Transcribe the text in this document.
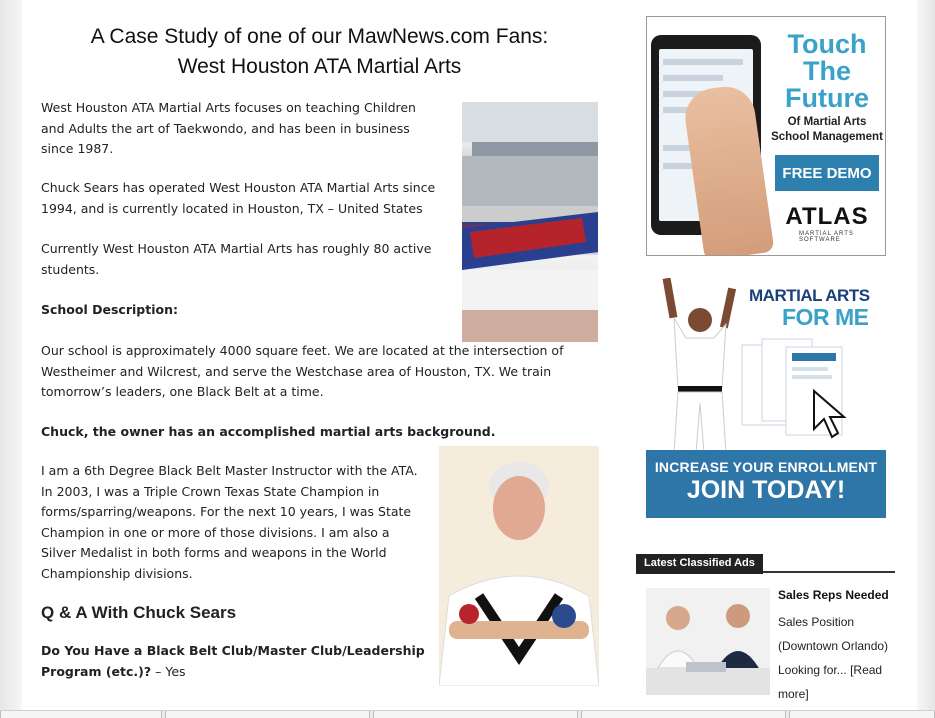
A Case Study of one of our MawNews.com Fans:
West Houston ATA Martial Arts
West Houston ATA Martial Arts focuses on teaching Children and Adults the art of Taekwondo, and has been in business since 1987.
Chuck Sears has operated West Houston ATA Martial Arts since 1994, and is currently located in Houston, TX – United States
Currently West Houston ATA Martial Arts has roughly 80 active students.
School Description:
Our school is approximately 4000 square feet. We are located at the intersection of Westheimer and Wilcrest, and serve the Westchase area of Houston, TX. We train tomorrow’s leaders, one Black Belt at a time.
Chuck, the owner has an accomplished martial arts background.
I am a 6th Degree Black Belt Master Instructor with the ATA. In 2003, I was a Triple Crown Texas State Champion in forms/sparring/weapons. For the next 10 years, I was State Champion in one or more of those divisions. I am also a Silver Medalist in both forms and weapons in the World Championship divisions.
Q & A With Chuck Sears
Do You Have a Black Belt Club/Master Club/Leadership Program (etc.)? – Yes
Touch
The
Future
Of Martial Arts
School Management
FREE DEMO
ATLAS
MARTIAL ARTS SOFTWARE
MARTIAL ARTS
FOR ME
INCREASE YOUR ENROLLMENT
JOIN TODAY!
Latest Classified Ads
Sales Reps Needed
Sales Position (Downtown Orlando) Looking for... [Read more]
